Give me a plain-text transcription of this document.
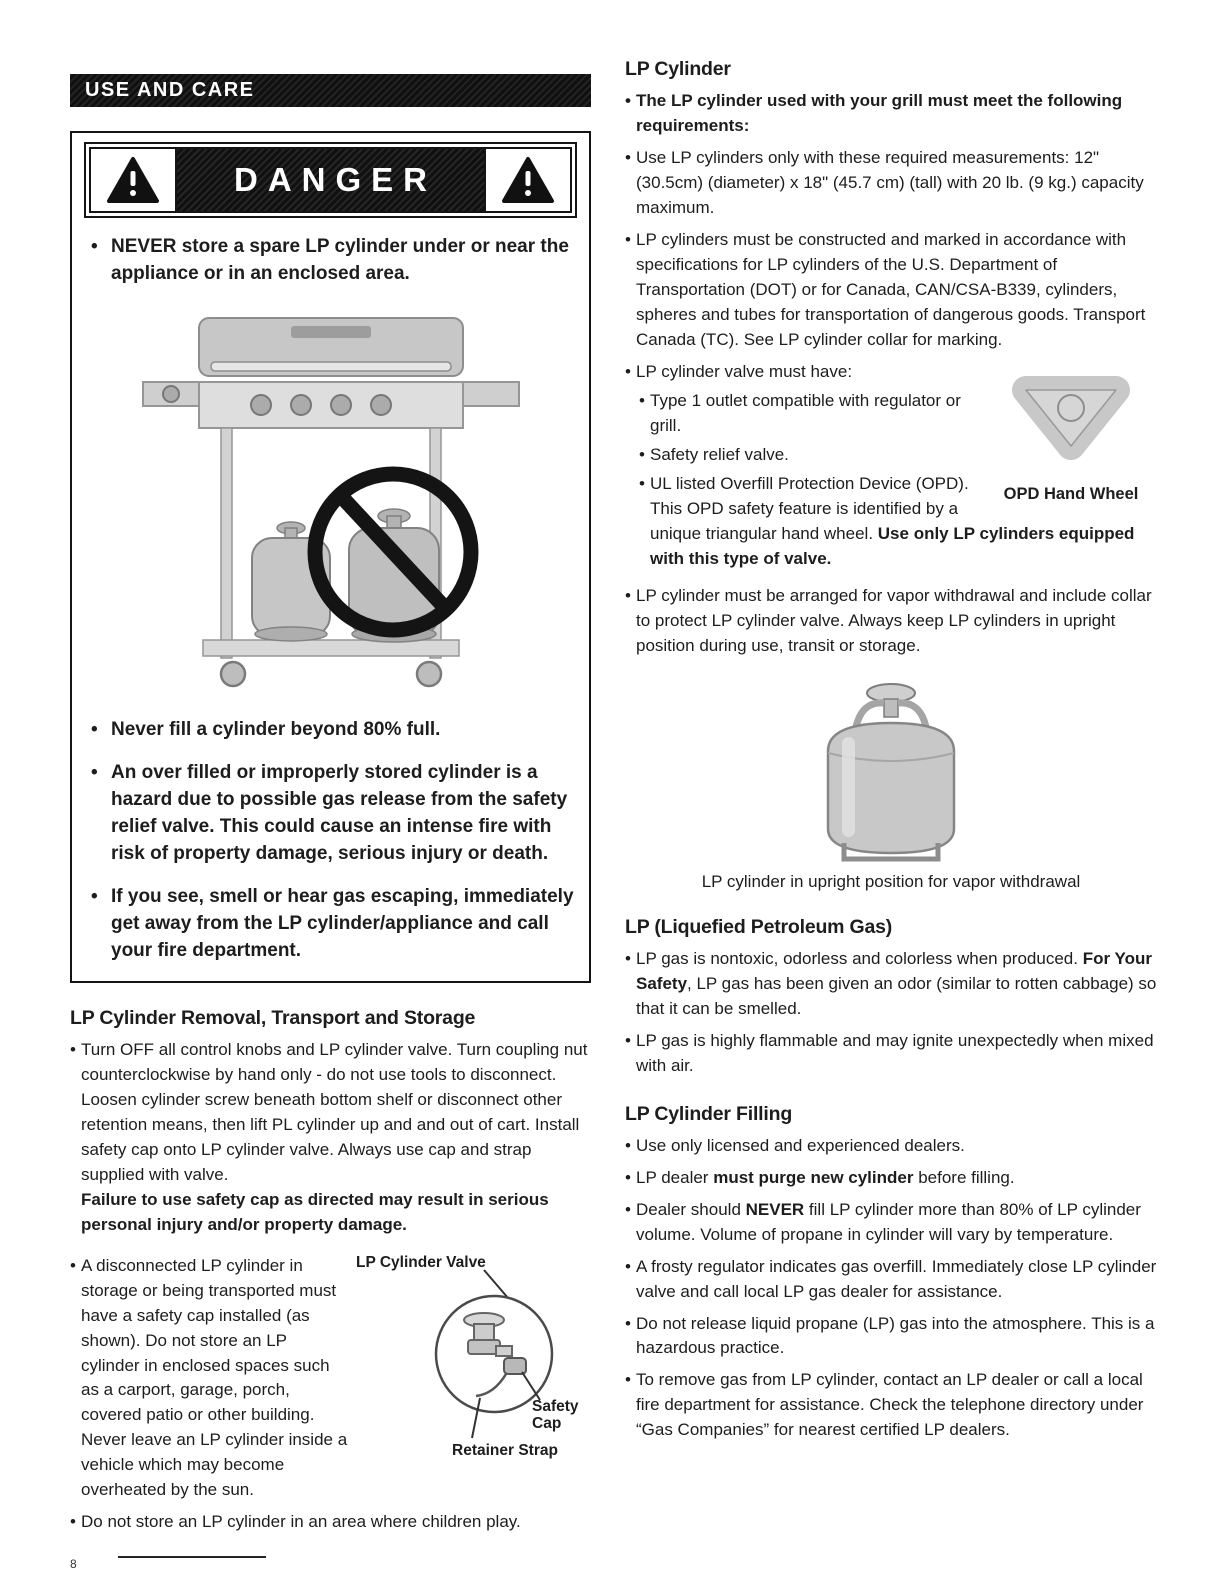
USE AND CARE
DANGER
• NEVER store a spare LP cylinder under or near the appliance or in an enclosed area.
• Never fill a cylinder beyond 80% full.
• An over filled or improperly stored cylinder is a hazard due to possible gas release from the safety relief valve. This could cause an intense fire with risk of property damage, serious injury or death.
• If you see, smell or hear gas escaping, immediately get away from the LP cylinder/appliance and call your fire department.
LP Cylinder Removal, Transport and Storage

• Turn OFF all control knobs and LP cylinder valve. Turn coupling nut counterclockwise by hand only - do not use tools to disconnect. Loosen cylinder screw beneath bottom shelf or disconnect other retention means, then lift PL cylinder up and and out of cart. Install safety cap onto LP cylinder valve. Always use cap and strap supplied with valve.
Failure to use safety cap as directed may result in serious personal injury and/or property damage.

LP Cylinder Valve
Safety Cap
Retainer Strap

• A disconnected LP cylinder in storage or being transported must have a safety cap installed (as shown). Do not store an LP cylinder in enclosed spaces such as a carport, garage, porch, covered patio or other building. Never leave an LP cylinder inside a vehicle which may become overheated by the sun.

• Do not store an LP cylinder in an area where children play.

8
LP Cylinder

• The LP cylinder used with your grill must meet the following requirements:

• Use LP cylinders only with these required measurements: 12" (30.5cm) (diameter) x 18" (45.7 cm) (tall) with 20 lb. (9 kg.) capacity maximum.

• LP cylinders must be constructed and marked in accordance with specifications for LP cylinders of the U.S. Department of Transportation (DOT) or for Canada, CAN/CSA-B339, cylinders, spheres and tubes for transportation of dangerous goods. Transport Canada (TC). See LP cylinder collar for marking.

OPD Hand Wheel

• LP cylinder valve must have:

• Type 1 outlet compatible with regulator or grill.

• Safety relief valve.

• UL listed Overfill Protection Device (OPD). This OPD safety feature is identified by a unique triangular hand wheel. Use only LP cylinders equipped with this type of valve.

• LP cylinder must be arranged for vapor withdrawal and include collar to protect LP cylinder valve. Always keep LP cylinders in upright position during use, transit or storage.

LP cylinder in upright position for vapor withdrawal
LP (Liquefied Petroleum Gas)

• LP gas is nontoxic, odorless and colorless when produced. For Your Safety, LP gas has been given an odor (similar to rotten cabbage) so that it can be smelled.

• LP gas is highly flammable and may ignite unexpectedly when mixed with air.

LP Cylinder Filling

• Use only licensed and experienced dealers.

• LP dealer must purge new cylinder before filling.

• Dealer should NEVER fill LP cylinder more than 80% of LP cylinder volume. Volume of propane in cylinder will vary by temperature.

• A frosty regulator indicates gas overfill. Immediately close LP cylinder valve and call local LP gas dealer for assistance.

• Do not release liquid propane (LP) gas into the atmosphere. This is a hazardous practice.

• To remove gas from LP cylinder, contact an LP dealer or call a local fire department for assistance. Check the telephone directory under “Gas Companies” for nearest certified LP dealers.
